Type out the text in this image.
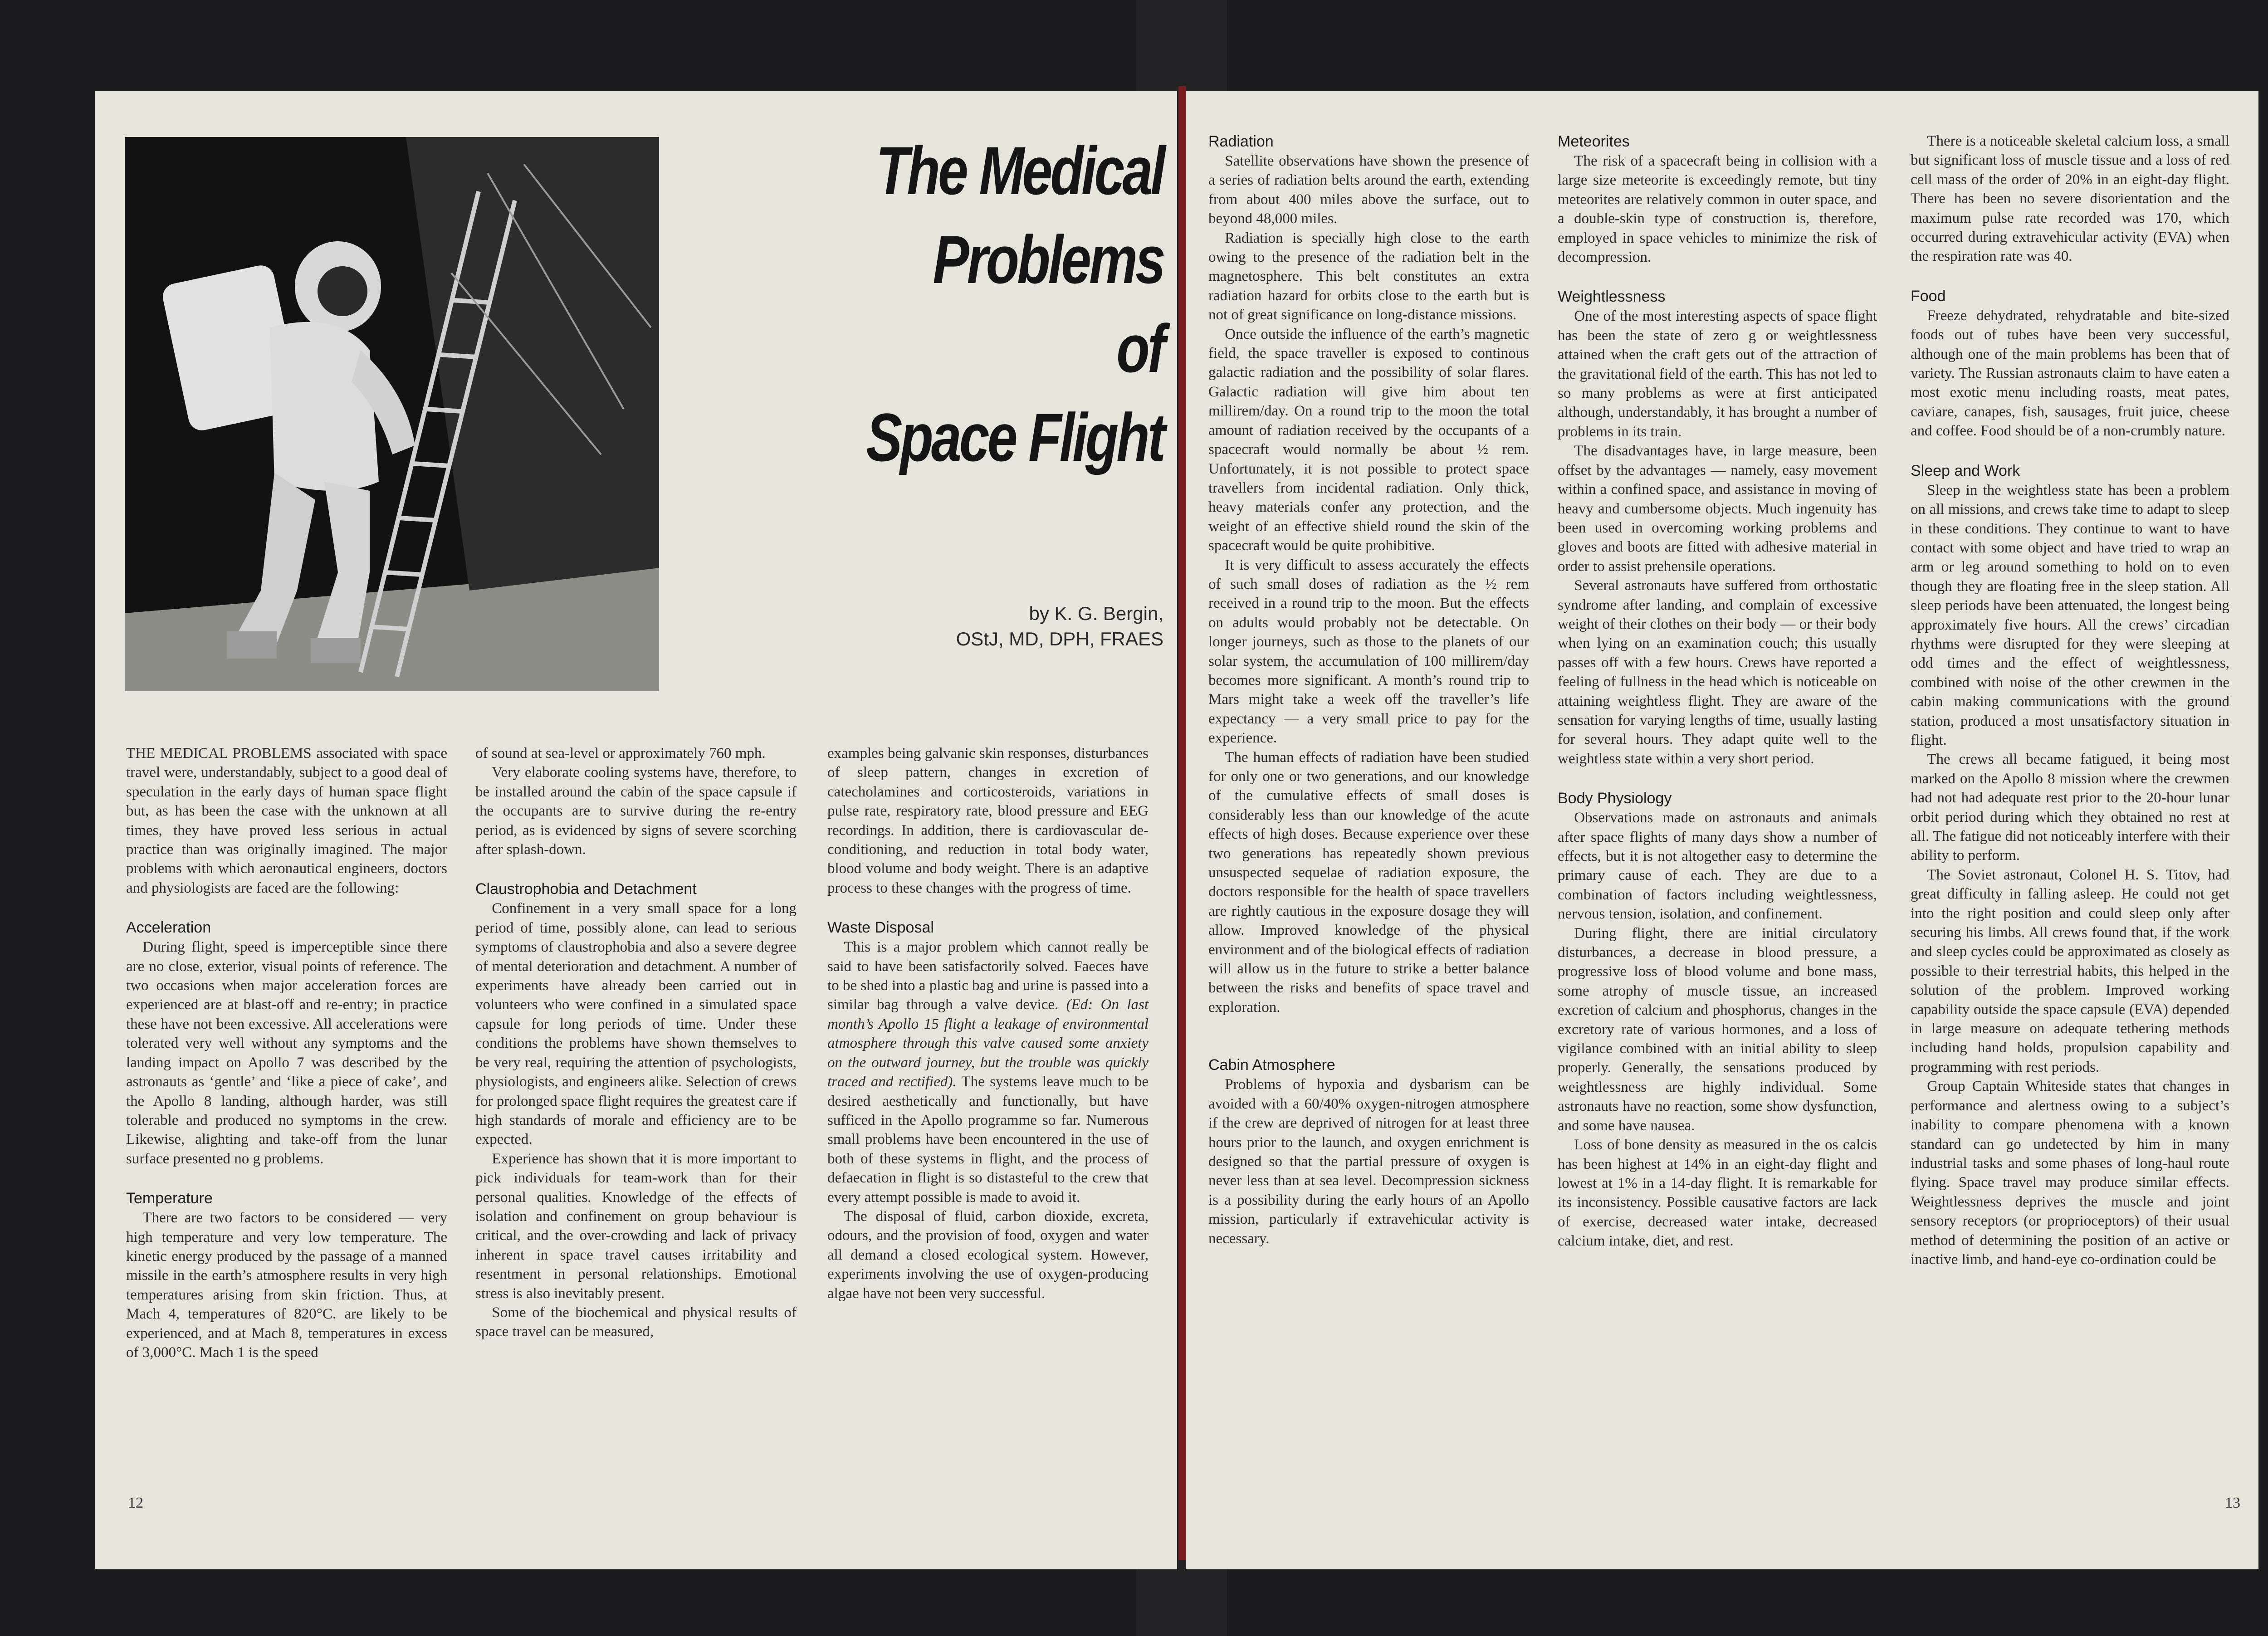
The Medical
Problems
of
Space Flight
by K. G. Bergin,
OStJ, MD, DPH, FRAES

THE MEDICAL PROBLEMS associated with space travel were, understandably, subject to a good deal of speculation in the early days of human space flight but, as has been the case with the unknown at all times, they have proved less serious in actual practice than was originally imagined. The major problems with which aeronautical engineers, doctors and physiologists are faced are the following:

Acceleration

During flight, speed is imperceptible since there are no close, exterior, visual points of reference. The two occasions when major acceleration forces are experienced are at blast-off and re-entry; in practice these have not been excessive. All accelerations were tolerated very well without any symptoms and the landing impact on Apollo 7 was described by the astronauts as ‘gentle’ and ‘like a piece of cake’, and the Apollo 8 landing, although harder, was still tolerable and produced no symptoms in the crew. Likewise, alighting and take-off from the lunar surface presented no g problems.

Temperature

There are two factors to be considered — very high temperature and very low temperature. The kinetic energy produced by the passage of a manned missile in the earth’s atmosphere results in very high temperatures arising from skin friction. Thus, at Mach 4, temperatures of 820°C. are likely to be experienced, and at Mach 8, temperatures in excess of 3,000°C. Mach 1 is the speed

of sound at sea-level or approximately 760 mph.

Very elaborate cooling systems have, therefore, to be installed around the cabin of the space capsule if the occupants are to survive during the re-entry period, as is evidenced by signs of severe scorching after splash-down.

Claustrophobia and Detachment

Confinement in a very small space for a long period of time, possibly alone, can lead to serious symptoms of claustrophobia and also a severe degree of mental deterioration and detachment. A number of experiments have already been carried out in volunteers who were confined in a simulated space capsule for long periods of time. Under these conditions the problems have shown themselves to be very real, requiring the attention of psychologists, physiologists, and engineers alike. Selection of crews for prolonged space flight requires the greatest care if high standards of morale and efficiency are to be expected.

Experience has shown that it is more important to pick individuals for team-work than for their personal qualities. Knowledge of the effects of isolation and confinement on group behaviour is critical, and the over-crowding and lack of privacy inherent in space travel causes irritability and resentment in personal relationships. Emotional stress is also inevitably present.

Some of the biochemical and physical results of space travel can be measured,

examples being galvanic skin responses, disturbances of sleep pattern, changes in excretion of catecholamines and corticosteroids, variations in pulse rate, respiratory rate, blood pressure and EEG recordings. In addition, there is cardiovascular de-conditioning, and reduction in total body water, blood volume and body weight. There is an adaptive process to these changes with the progress of time.

Waste Disposal

This is a major problem which cannot really be said to have been satisfactorily solved. Faeces have to be shed into a plastic bag and urine is passed into a similar bag through a valve device. (Ed: On last month’s Apollo 15 flight a leakage of environmental atmosphere through this valve caused some anxiety on the outward journey, but the trouble was quickly traced and rectified). The systems leave much to be desired aesthetically and functionally, but have sufficed in the Apollo programme so far. Numerous small problems have been encountered in the use of both of these systems in flight, and the process of defaecation in flight is so distasteful to the crew that every attempt possible is made to avoid it.

The disposal of fluid, carbon dioxide, excreta, odours, and the provision of food, oxygen and water all demand a closed ecological system. However, experiments involving the use of oxygen-producing algae have not been very successful.

12
Radiation

Satellite observations have shown the presence of a series of radiation belts around the earth, extending from about 400 miles above the surface, out to beyond 48,000 miles.

Radiation is specially high close to the earth owing to the presence of the radiation belt in the magnetosphere. This belt constitutes an extra radiation hazard for orbits close to the earth but is not of great significance on long-distance missions.

Once outside the influence of the earth’s magnetic field, the space traveller is exposed to continous galactic radiation and the possibility of solar flares. Galactic radiation will give him about ten millirem/day. On a round trip to the moon the total amount of radiation received by the occupants of a spacecraft would normally be about ½ rem. Unfortunately, it is not possible to protect space travellers from incidental radiation. Only thick, heavy materials confer any protection, and the weight of an effective shield round the skin of the spacecraft would be quite prohibitive.

It is very difficult to assess accurately the effects of such small doses of radiation as the ½ rem received in a round trip to the moon. But the effects on adults would probably not be detectable. On longer journeys, such as those to the planets of our solar system, the accumulation of 100 millirem/day becomes more significant. A month’s round trip to Mars might take a week off the traveller’s life expectancy — a very small price to pay for the experience.

The human effects of radiation have been studied for only one or two generations, and our knowledge of the cumulative effects of small doses is considerably less than our knowledge of the acute effects of high doses. Because experience over these two generations has repeatedly shown previous unsuspected sequelae of radiation exposure, the doctors responsible for the health of space travellers are rightly cautious in the exposure dosage they will allow. Improved knowledge of the physical environment and of the biological effects of radiation will allow us in the future to strike a better balance between the risks and benefits of space travel and exploration.

Cabin Atmosphere

Problems of hypoxia and dysbarism can be avoided with a 60/40% oxygen-nitrogen atmosphere if the crew are deprived of nitrogen for at least three hours prior to the launch, and oxygen enrichment is designed so that the partial pressure of oxygen is never less than at sea level. Decompression sickness is a possibility during the early hours of an Apollo mission, particularly if extravehicular activity is necessary.

Meteorites

The risk of a spacecraft being in collision with a large size meteorite is exceedingly remote, but tiny meteorites are relatively common in outer space, and a double-skin type of construction is, therefore, employed in space vehicles to minimize the risk of decompression.

Weightlessness

One of the most interesting aspects of space flight has been the state of zero g or weightlessness attained when the craft gets out of the attraction of the gravitational field of the earth. This has not led to so many problems as were at first anticipated although, understandably, it has brought a number of problems in its train.

The disadvantages have, in large measure, been offset by the advantages — namely, easy movement within a confined space, and assistance in moving of heavy and cumbersome objects. Much ingenuity has been used in overcoming working problems and gloves and boots are fitted with adhesive material in order to assist prehensile operations.

Several astronauts have suffered from orthostatic syndrome after landing, and complain of excessive weight of their clothes on their body — or their body when lying on an examination couch; this usually passes off with a few hours. Crews have reported a feeling of fullness in the head which is noticeable on attaining weightless flight. They are aware of the sensation for varying lengths of time, usually lasting for several hours. They adapt quite well to the weightless state within a very short period.

Body Physiology

Observations made on astronauts and animals after space flights of many days show a number of effects, but it is not altogether easy to determine the primary cause of each. They are due to a combination of factors including weightlessness, nervous tension, isolation, and confinement.

During flight, there are initial circulatory disturbances, a decrease in blood pressure, a progressive loss of blood volume and bone mass, some atrophy of muscle tissue, an increased excretion of calcium and phosphorus, changes in the excretory rate of various hormones, and a loss of vigilance combined with an initial ability to sleep properly. Generally, the sensations produced by weightlessness are highly individual. Some astronauts have no reaction, some show dysfunction, and some have nausea.

Loss of bone density as measured in the os calcis has been highest at 14% in an eight-day flight and lowest at 1% in a 14-day flight. It is remarkable for its inconsistency. Possible causative factors are lack of exercise, decreased water intake, decreased calcium intake, diet, and rest.

There is a noticeable skeletal calcium loss, a small but significant loss of muscle tissue and a loss of red cell mass of the order of 20% in an eight-day flight. There has been no severe disorientation and the maximum pulse rate recorded was 170, which occurred during extravehicular activity (EVA) when the respiration rate was 40.

Food

Freeze dehydrated, rehydratable and bite-sized foods out of tubes have been very successful, although one of the main problems has been that of variety. The Russian astronauts claim to have eaten a most exotic menu including roasts, meat pates, caviare, canapes, fish, sausages, fruit juice, cheese and coffee. Food should be of a non-crumbly nature.

Sleep and Work

Sleep in the weightless state has been a problem on all missions, and crews take time to adapt to sleep in these conditions. They continue to want to have contact with some object and have tried to wrap an arm or leg around something to hold on to even though they are floating free in the sleep station. All sleep periods have been attenuated, the longest being approximately five hours. All the crews’ circadian rhythms were disrupted for they were sleeping at odd times and the effect of weightlessness, combined with noise of the other crewmen in the cabin making communications with the ground station, produced a most unsatisfactory situation in flight.

The crews all became fatigued, it being most marked on the Apollo 8 mission where the crewmen had not had adequate rest prior to the 20-hour lunar orbit period during which they obtained no rest at all. The fatigue did not noticeably interfere with their ability to perform.

The Soviet astronaut, Colonel H. S. Titov, had great difficulty in falling asleep. He could not get into the right position and could sleep only after securing his limbs. All crews found that, if the work and sleep cycles could be approximated as closely as possible to their terrestrial habits, this helped in the solution of the problem. Improved working capability outside the space capsule (EVA) depended in large measure on adequate tethering methods including hand holds, propulsion capability and programming with rest periods.

Group Captain Whiteside states that changes in performance and alertness owing to a subject’s inability to compare phenomena with a known standard can go undetected by him in many industrial tasks and some phases of long-haul route flying. Space travel may produce similar effects. Weightlessness deprives the muscle and joint sensory receptors (or proprioceptors) of their usual method of determining the position of an active or inactive limb, and hand-eye co-ordination could be

13
